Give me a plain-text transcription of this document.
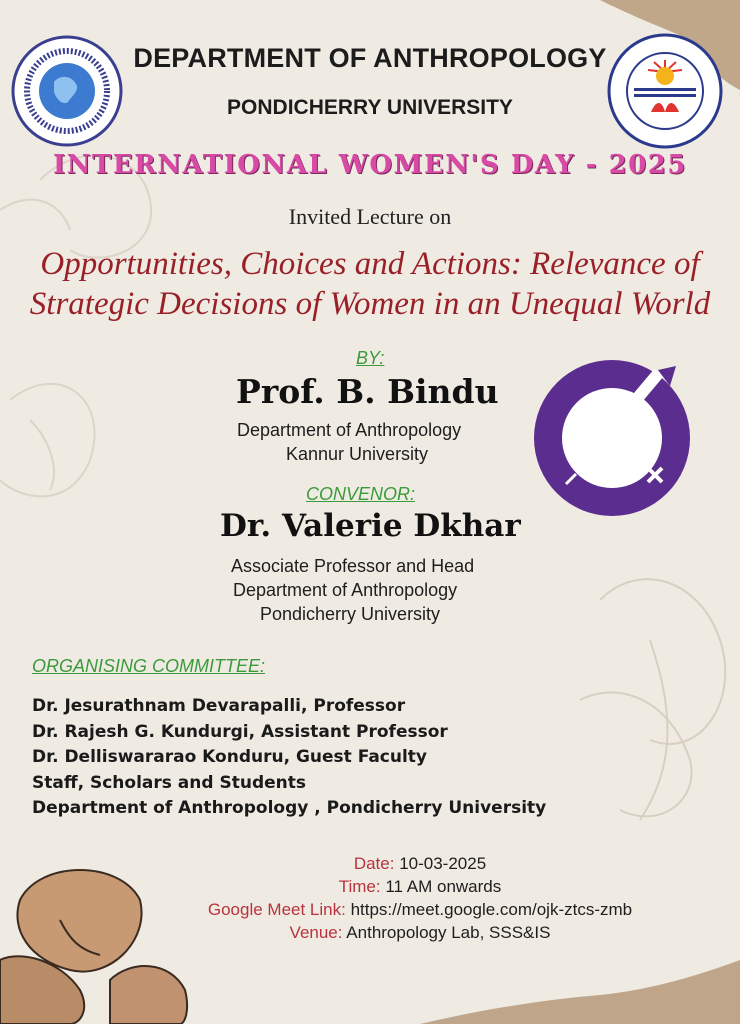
DEPARTMENT OF ANTHROPOLOGY
PONDICHERRY UNIVERSITY
INTERNATIONAL WOMEN'S DAY - 2025
Invited Lecture on
Opportunities, Choices and Actions: Relevance of
Strategic Decisions of Women in an Unequal World
BY:
Prof. B. Bindu
Department of Anthropology
Kannur University
CONVENOR:
Dr. Valerie Dkhar
Associate Professor and Head
Department of Anthropology
Pondicherry University
ORGANISING COMMITTEE:
Dr. Jesurathnam Devarapalli, Professor
Dr. Rajesh G. Kundurgi, Assistant Professor
Dr. Delliswararao Konduru, Guest Faculty
Staff, Scholars and Students
Department of Anthropology , Pondicherry University
Date: 10-03-2025
Time: 11 AM onwards
Google Meet Link: https://meet.google.com/ojk-ztcs-zmb
Venue: Anthropology Lab, SSS&IS
